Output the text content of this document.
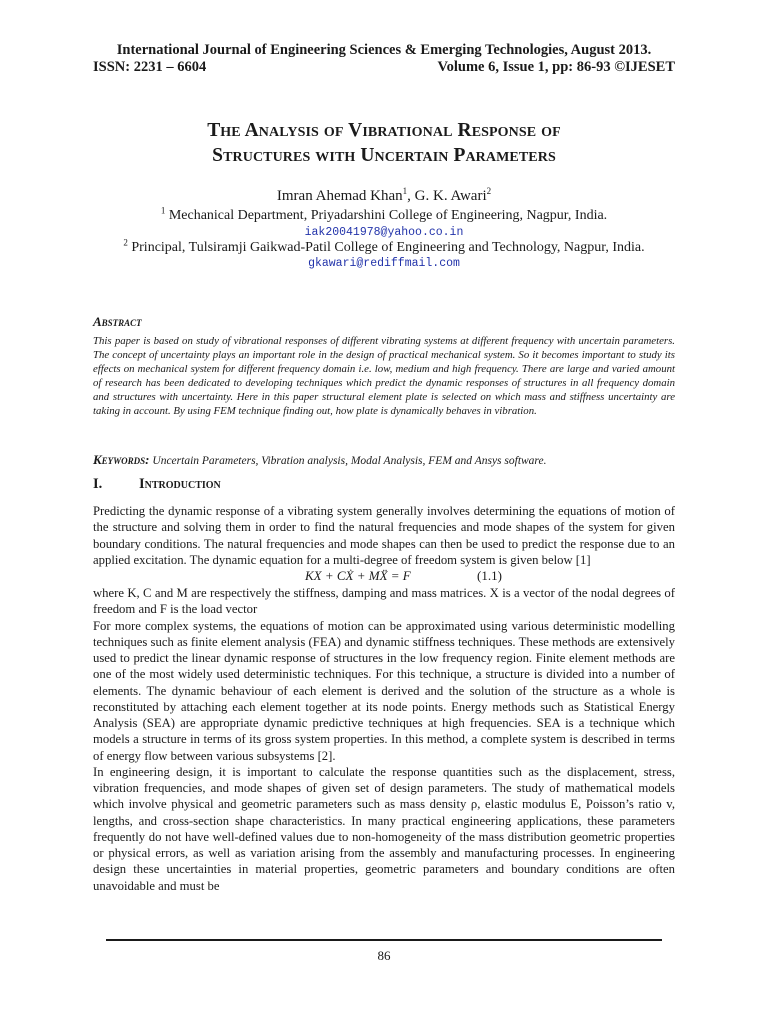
International Journal of Engineering Sciences & Emerging Technologies, August 2013.
ISSN: 2231 – 6604	Volume 6, Issue 1, pp: 86-93 ©IJESET
The Analysis of Vibrational Response of
Structures with Uncertain Parameters
Imran Ahemad Khan$^1$, G. K. Awari$^2$
$^1$ Mechanical Department, Priyadarshini College of Engineering, Nagpur, India.
iak20041978@yahoo.co.in
$^2$ Principal, Tulsiramji Gaikwad-Patil College of Engineering and Technology, Nagpur, India.
gkawari@rediffmail.com
Abstract
This paper is based on study of vibrational responses of different vibrating systems at different frequency with uncertain parameters. The concept of uncertainty plays an important role in the design of practical mechanical system. So it becomes important to study its effects on mechanical system for different frequency domain i.e. low, medium and high frequency. There are large and varied amount of research has been dedicated to developing techniques which predict the dynamic responses of structures in all frequency domain and structures with uncertainty. Here in this paper structural element plate is selected on which mass and stiffness uncertainty are taking in account. By using FEM technique finding out, how plate is dynamically behaves in vibration.
Keywords: Uncertain Parameters, Vibration analysis, Modal Analysis, FEM and Ansys software.
I.	Introduction

Predicting the dynamic response of a vibrating system generally involves determining the equations of motion of the structure and solving them in order to find the natural frequencies and mode shapes of the system for given boundary conditions. The natural frequencies and mode shapes can then be used to predict the response due to an applied excitation. The dynamic equation for a multi-degree of freedom system is given below [1]

KX + CẊ + MẌ = F	(1.1)

where K, C and M are respectively the stiffness, damping and mass matrices. X is a vector of the nodal degrees of freedom and F is the load vector

For more complex systems, the equations of motion can be approximated using various deterministic modelling techniques such as finite element analysis (FEA) and dynamic stiffness techniques. These methods are extensively used to predict the linear dynamic response of structures in the low frequency region. Finite element methods are one of the most widely used deterministic techniques. For this technique, a structure is divided into a number of elements. The dynamic behaviour of each element is derived and the solution of the structure as a whole is reconstituted by attaching each element together at its node points. Energy methods such as Statistical Energy Analysis (SEA) are appropriate dynamic predictive techniques at high frequencies. SEA is a technique which models a structure in terms of its gross system properties. In this method, a complete system is described in terms of energy flow between various subsystems [2].

In engineering design, it is important to calculate the response quantities such as the displacement, stress, vibration frequencies, and mode shapes of given set of design parameters. The study of mathematical models which involve physical and geometric parameters such as mass density ρ, elastic modulus E, Poisson’s ratio v, lengths, and cross-section shape characteristics. In many practical engineering applications, these parameters frequently do not have well-defined values due to non-homogeneity of the mass distribution geometric properties or physical errors, as well as variation arising from the assembly and manufacturing processes. In engineering design these uncertainties in material properties, geometric parameters and boundary conditions are often unavoidable and must be

86
